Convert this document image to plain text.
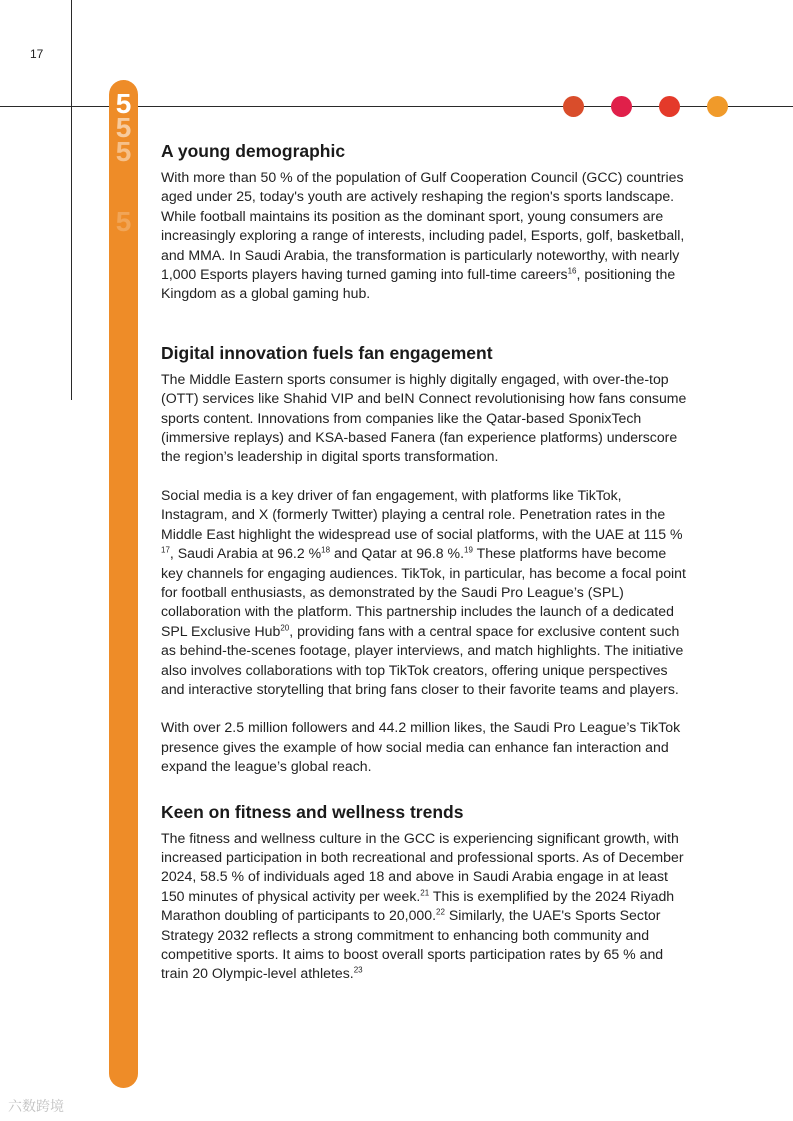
17
5
5
5
5
A young demographic

With more than 50 % of the population of Gulf Cooperation Council (GCC) countries aged under 25, today's youth are actively reshaping the region's sports landscape. While football maintains its position as the dominant sport, young consumers are increasingly exploring a range of interests, including padel, Esports, golf, basketball, and MMA. In Saudi Arabia, the transformation is particularly noteworthy, with nearly 1,000 Esports players having turned gaming into full-time careers$^{16}$, positioning the Kingdom as a global gaming hub.

Digital innovation fuels fan engagement

The Middle Eastern sports consumer is highly digitally engaged, with over-the-top (OTT) services like Shahid VIP and beIN Connect revolutionising how fans consume sports content. Innovations from companies like the Qatar-based SponixTech (immersive replays) and KSA-based Fanera (fan experience platforms) underscore the region’s leadership in digital sports transformation.

Social media is a key driver of fan engagement, with platforms like TikTok, Instagram, and X (formerly Twitter) playing a central role. Penetration rates in the Middle East highlight the widespread use of social platforms, with the UAE at 115 % $^{17}$, Saudi Arabia at 96.2 %$^{18}$ and Qatar at 96.8 %.$^{19}$ These platforms have become key channels for engaging audiences. TikTok, in particular, has become a focal point for football enthusiasts, as demonstrated by the Saudi Pro League’s (SPL) collaboration with the platform. This partnership includes the launch of a dedicated SPL Exclusive Hub$^{20}$, providing fans with a central space for exclusive content such as behind-the-scenes footage, player interviews, and match highlights. The initiative also involves collaborations with top TikTok creators, offering unique perspectives and interactive storytelling that bring fans closer to their favorite teams and players.

With over 2.5 million followers and 44.2 million likes, the Saudi Pro League’s TikTok presence gives the example of how social media can enhance fan interaction and expand the league’s global reach.

Keen on fitness and wellness trends

The fitness and wellness culture in the GCC is experiencing significant growth, with increased participation in both recreational and professional sports. As of December 2024, 58.5 % of individuals aged 18 and above in Saudi Arabia engage in at least 150 minutes of physical activity per week.$^{21}$ This is exemplified by the 2024 Riyadh Marathon doubling of participants to 20,000.22 Similarly, the UAE's Sports Sector Strategy 2032 reflects a strong commitment to enhancing both community and competitive sports. It aims to boost overall sports participation rates by 65 % and train 20 Olympic-level athletes.$^{23}$

六数跨境
